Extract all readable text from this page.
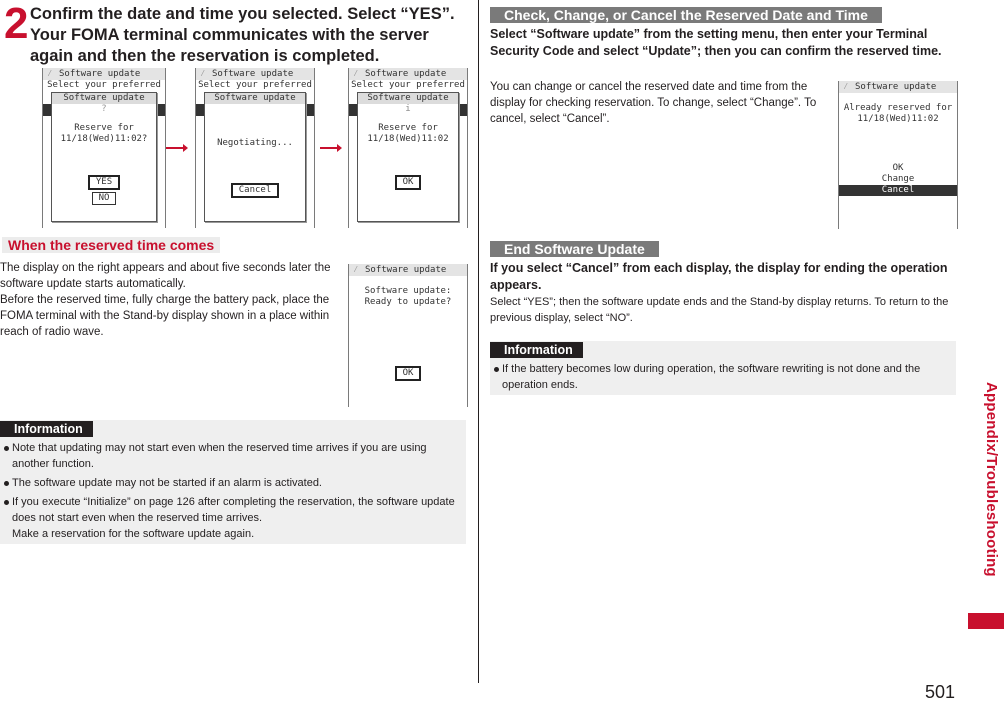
2 Confirm the date and time you selected. Select “YES”. Your FOMA terminal communicates with the server again and then the reservation is completed.
⁄ Software update
Select your preferred
Software update
?
Reserve for
11/18(Wed)11:02?
YES
NO
⁄ Software update
Select your preferred
Software update
Negotiating...
Cancel
⁄ Software update
Select your preferred
Software update
i
Reserve for
11/18(Wed)11:02
OK
When the reserved time comes
The display on the right appears and about five seconds later the software update starts automatically.
Before the reserved time, fully charge the battery pack, place the FOMA terminal with the Stand-by display shown in a place within reach of radio wave.
⁄ Software update
Software update:
Ready to update?
OK
Information
Note that updating may not start even when the reserved time arrives if you are using another function.
The software update may not be started if an alarm is activated.
If you execute “Initialize” on page 126 after completing the reservation, the software update does not start even when the reserved time arrives.
Make a reservation for the software update again.
Check, Change, or Cancel the Reserved Date and Time
Select “Software update” from the setting menu, then enter your Terminal Security Code and select “Update”; then you can confirm the reserved time.
You can change or cancel the reserved date and time from the display for checking reservation. To change, select “Change”. To cancel, select “Cancel”.
⁄ Software update
Already reserved for
11/18(Wed)11:02
OK
Change
Cancel
End Software Update
If you select “Cancel” from each display, the display for ending the operation appears.
Select “YES”; then the software update ends and the Stand-by display returns. To return to the previous display, select “NO”.
Information
If the battery becomes low during operation, the software rewriting is not done and the operation ends.	Appendix/Troubleshooting
501
